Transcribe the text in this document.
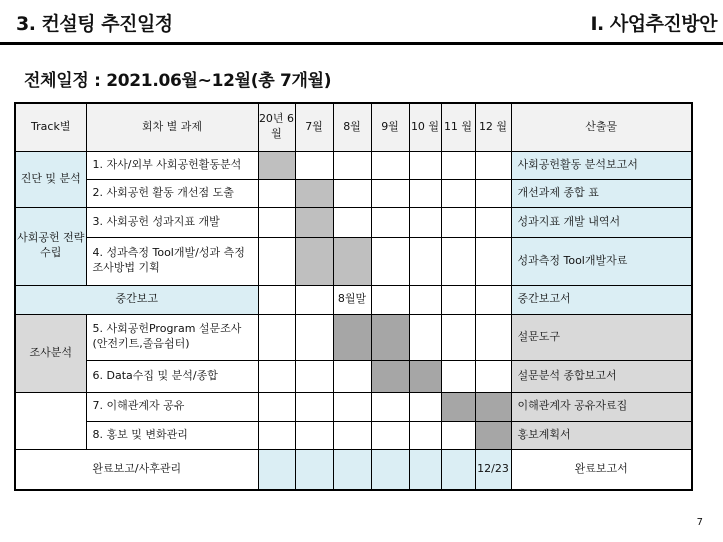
3. 컨설팅 추진일정	I. 사업추진방안
전체일정 : 2021.06월~12월(총 7개월)
Track별	회차 별 과제	20년 6월	7월	8월	9월	10 월	11 월	12 월	산출물
진단 및 분석	1. 자사/외부 사회공헌활동분석								사회공헌활동 분석보고서
	2. 사회공헌 활동 개선점 도출								개선과제 종합 표
사회공헌 전략수립	3. 사회공헌 성과지표 개발								성과지표 개발 내역서
	4. 성과측정 Tool개발/성과 측정 조사방법 기획								성과측정 Tool개발자료
중간보고				8월말					중간보고서
조사분석	5. 사회공헌Program 설문조사 (안전키트,졸음쉼터)								설문도구
	6. Data수집 및 분석/종합								설문분석 종합보고서
	7. 이해관계자 공유								이해관계자 공유자료집
	8. 홍보 및 변화관리								홍보계획서
완료보고/사후관리								12/23	완료보고서
7
